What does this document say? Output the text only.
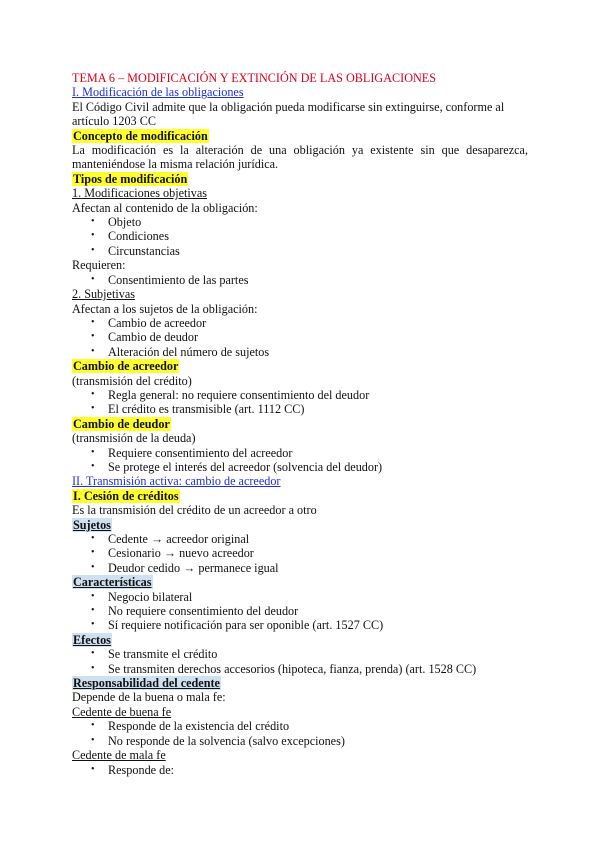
TEMA 6 – MODIFICACIÓN Y EXTINCIÓN DE LAS OBLIGACIONES
I. Modificación de las obligaciones
El Código Civil admite que la obligación pueda modificarse sin extinguirse, conforme al
artículo 1203 CC
Concepto de modificación
La modificación es la alteración de una obligación ya existente sin que desaparezca, manteniéndose la misma relación jurídica.
Tipos de modificación
1. Modificaciones objetivas
Afectan al contenido de la obligación:
• Objeto
• Condiciones
• Circunstancias
Requieren:
• Consentimiento de las partes
2. Subjetivas
Afectan a los sujetos de la obligación:
• Cambio de acreedor
• Cambio de deudor
• Alteración del número de sujetos
Cambio de acreedor
(transmisión del crédito)
• Regla general: no requiere consentimiento del deudor
• El crédito es transmisible (art. 1112 CC)
Cambio de deudor
(transmisión de la deuda)
• Requiere consentimiento del acreedor
• Se protege el interés del acreedor (solvencia del deudor)
II. Transmisión activa: cambio de acreedor
I. Cesión de créditos
Es la transmisión del crédito de un acreedor a otro
Sujetos
• Cedente → acreedor original
• Cesionario → nuevo acreedor
• Deudor cedido → permanece igual
Características
• Negocio bilateral
• No requiere consentimiento del deudor
• Sí requiere notificación para ser oponible (art. 1527 CC)
Efectos
• Se transmite el crédito
• Se transmiten derechos accesorios (hipoteca, fianza, prenda) (art. 1528 CC)
Responsabilidad del cedente
Depende de la buena o mala fe:
Cedente de buena fe
• Responde de la existencia del crédito
• No responde de la solvencia (salvo excepciones)
Cedente de mala fe
• Responde de:
